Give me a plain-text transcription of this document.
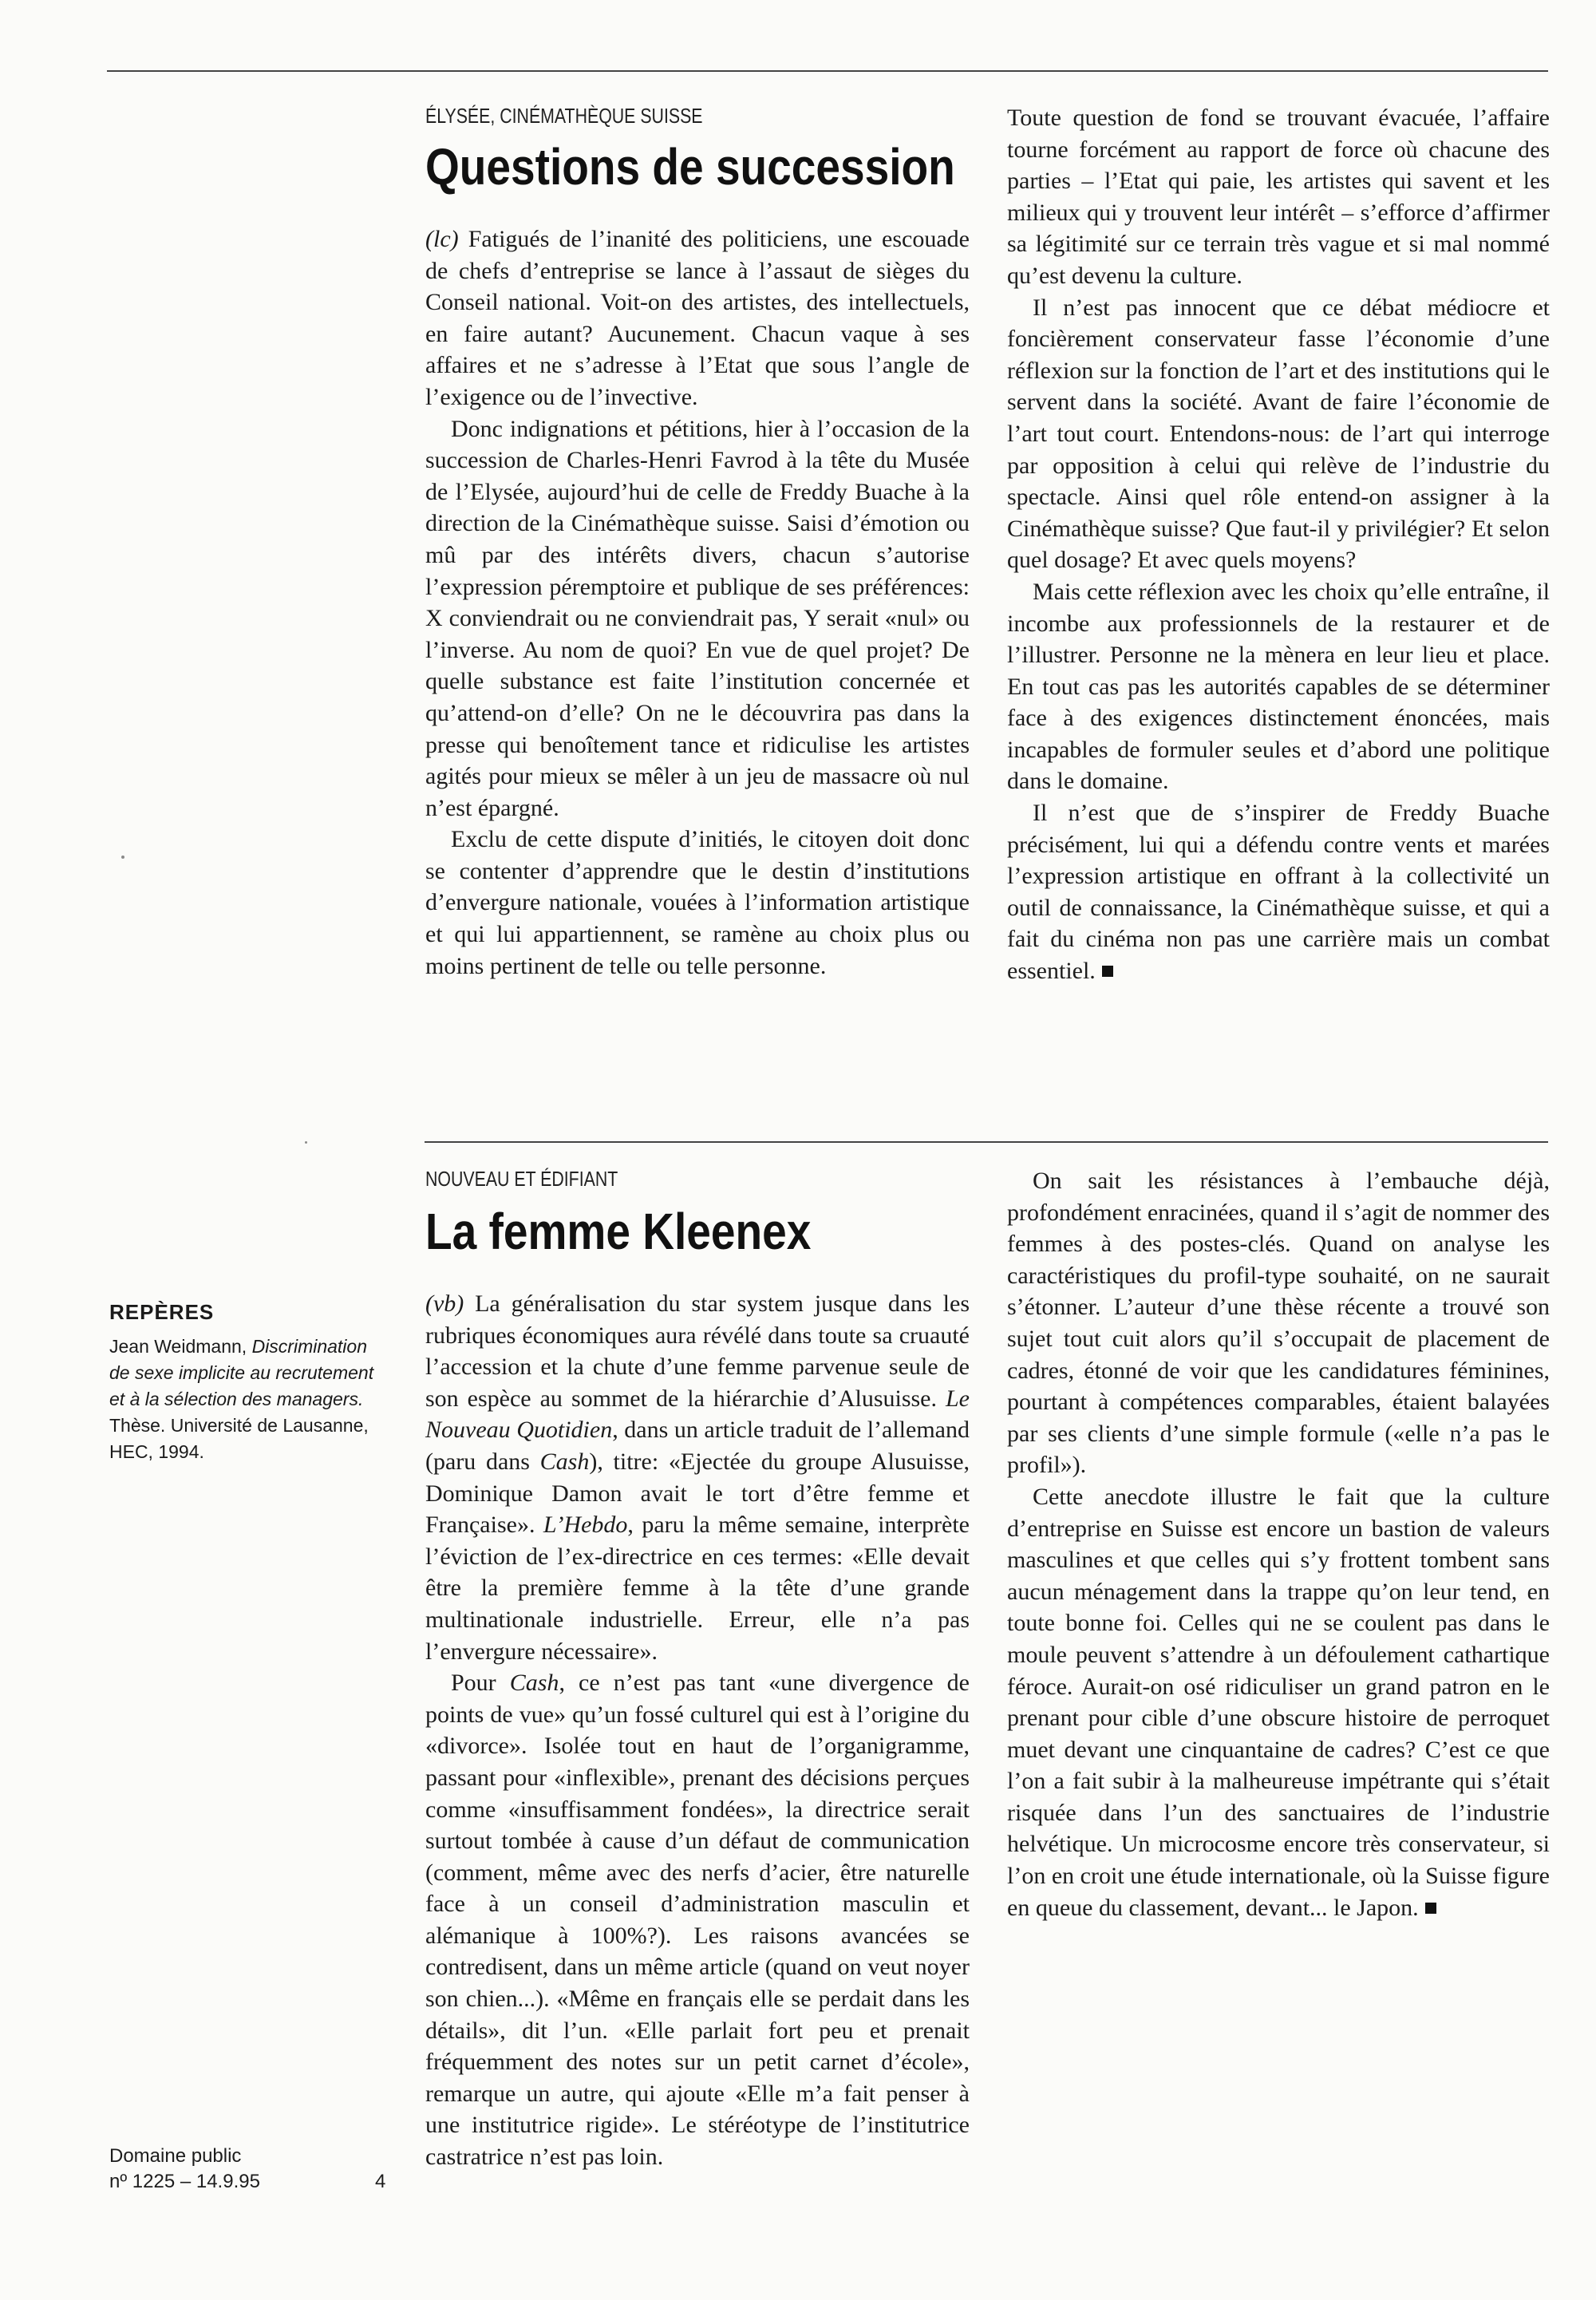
ÉLYSÉE, CINÉMATHÈQUE SUISSE
Questions de succession

(lc) Fatigués de l’inanité des politiciens, une escouade de chefs d’entreprise se lance à l’assaut de sièges du Conseil national. Voit-on des artistes, des intellectuels, en faire autant? Aucunement. Chacun vaque à ses affaires et ne s’adresse à l’Etat que sous l’angle de l’exigence ou de l’invective.

Donc indignations et pétitions, hier à l’occasion de la succession de Charles-Henri Favrod à la tête du Musée de l’Elysée, aujourd’hui de celle de Freddy Buache à la direction de la Cinémathèque suisse. Saisi d’émotion ou mû par des intérêts divers, chacun s’autorise l’expression péremptoire et publique de ses préférences: X conviendrait ou ne conviendrait pas, Y serait «nul» ou l’inverse. Au nom de quoi? En vue de quel projet? De quelle substance est faite l’institution concernée et qu’attend-on d’elle? On ne le découvrira pas dans la presse qui benoîtement tance et ridiculise les artistes agités pour mieux se mêler à un jeu de massacre où nul n’est épargné.

Exclu de cette dispute d’initiés, le citoyen doit donc se contenter d’apprendre que le destin d’institutions d’envergure nationale, vouées à l’information artistique et qui lui appartiennent, se ramène au choix plus ou moins pertinent de telle ou telle personne.

Toute question de fond se trouvant évacuée, l’affaire tourne forcément au rapport de force où chacune des parties – l’Etat qui paie, les artistes qui savent et les milieux qui y trouvent leur intérêt – s’efforce d’affirmer sa légitimité sur ce terrain très vague et si mal nommé qu’est devenu la culture.

Il n’est pas innocent que ce débat médiocre et foncièrement conservateur fasse l’économie d’une réflexion sur la fonction de l’art et des institutions qui le servent dans la société. Avant de faire l’économie de l’art tout court. Entendons-nous: de l’art qui interroge par opposition à celui qui relève de l’industrie du spectacle. Ainsi quel rôle entend-on assigner à la Cinémathèque suisse? Que faut-il y privilégier? Et selon quel dosage? Et avec quels moyens?

Mais cette réflexion avec les choix qu’elle entraîne, il incombe aux professionnels de la restaurer et de l’illustrer. Personne ne la mènera en leur lieu et place. En tout cas pas les autorités capables de se déterminer face à des exigences distinctement énoncées, mais incapables de formuler seules et d’abord une politique dans le domaine.

Il n’est que de s’inspirer de Freddy Buache précisément, lui qui a défendu contre vents et marées l’expression artistique en offrant à la collectivité un outil de connaissance, la Cinémathèque suisse, et qui a fait du cinéma non pas une carrière mais un combat essentiel.

NOUVEAU ET ÉDIFIANT
La femme Kleenex

(vb) La généralisation du star system jusque dans les rubriques économiques aura révélé dans toute sa cruauté l’accession et la chute d’une femme parvenue seule de son espèce au sommet de la hiérarchie d’Alusuisse. Le Nouveau Quotidien, dans un article traduit de l’allemand (paru dans Cash), titre: «Ejectée du groupe Alusuisse, Dominique Damon avait le tort d’être femme et Française». L’Hebdo, paru la même semaine, interprète l’éviction de l’ex-directrice en ces termes: «Elle devait être la première femme à la tête d’une grande multinationale industrielle. Erreur, elle n’a pas l’envergure nécessaire».

Pour Cash, ce n’est pas tant «une divergence de points de vue» qu’un fossé culturel qui est à l’origine du «divorce». Isolée tout en haut de l’organigramme, passant pour «inflexible», prenant des décisions perçues comme «insuffisamment fondées», la directrice serait surtout tombée à cause d’un défaut de communication (comment, même avec des nerfs d’acier, être naturelle face à un conseil d’administration masculin et alémanique à 100%?). Les raisons avancées se contredisent, dans un même article (quand on veut noyer son chien...). «Même en français elle se perdait dans les détails», dit l’un. «Elle parlait fort peu et prenait fréquemment des notes sur un petit carnet d’école», remarque un autre, qui ajoute «Elle m’a fait penser à une institutrice rigide». Le stéréotype de l’institutrice castratrice n’est pas loin.

On sait les résistances à l’embauche déjà, profondément enracinées, quand il s’agit de nommer des femmes à des postes-clés. Quand on analyse les caractéristiques du profil-type souhaité, on ne saurait s’étonner. L’auteur d’une thèse récente a trouvé son sujet tout cuit alors qu’il s’occupait de placement de cadres, étonné de voir que les candidatures féminines, pourtant à compétences comparables, étaient balayées par ses clients d’une simple formule («elle n’a pas le profil»).

Cette anecdote illustre le fait que la culture d’entreprise en Suisse est encore un bastion de valeurs masculines et que celles qui s’y frottent tombent sans aucun ménagement dans la trappe qu’on leur tend, en toute bonne foi. Celles qui ne se coulent pas dans le moule peuvent s’attendre à un défoulement cathartique féroce. Aurait-on osé ridiculiser un grand patron en le prenant pour cible d’une obscure histoire de perroquet muet devant une cinquantaine de cadres? C’est ce que l’on a fait subir à la malheureuse impétrante qui s’était risquée dans l’un des sanctuaires de l’industrie helvétique. Un microcosme encore très conservateur, si l’on en croit une étude internationale, où la Suisse figure en queue du classement, devant... le Japon.

REPÈRES
Jean Weidmann, Discrimination de sexe implicite au recrutement et à la sélection des managers. Thèse. Université de Lausanne, HEC, 1994.
Domaine public
nº 1225 – 14.9.95	4
